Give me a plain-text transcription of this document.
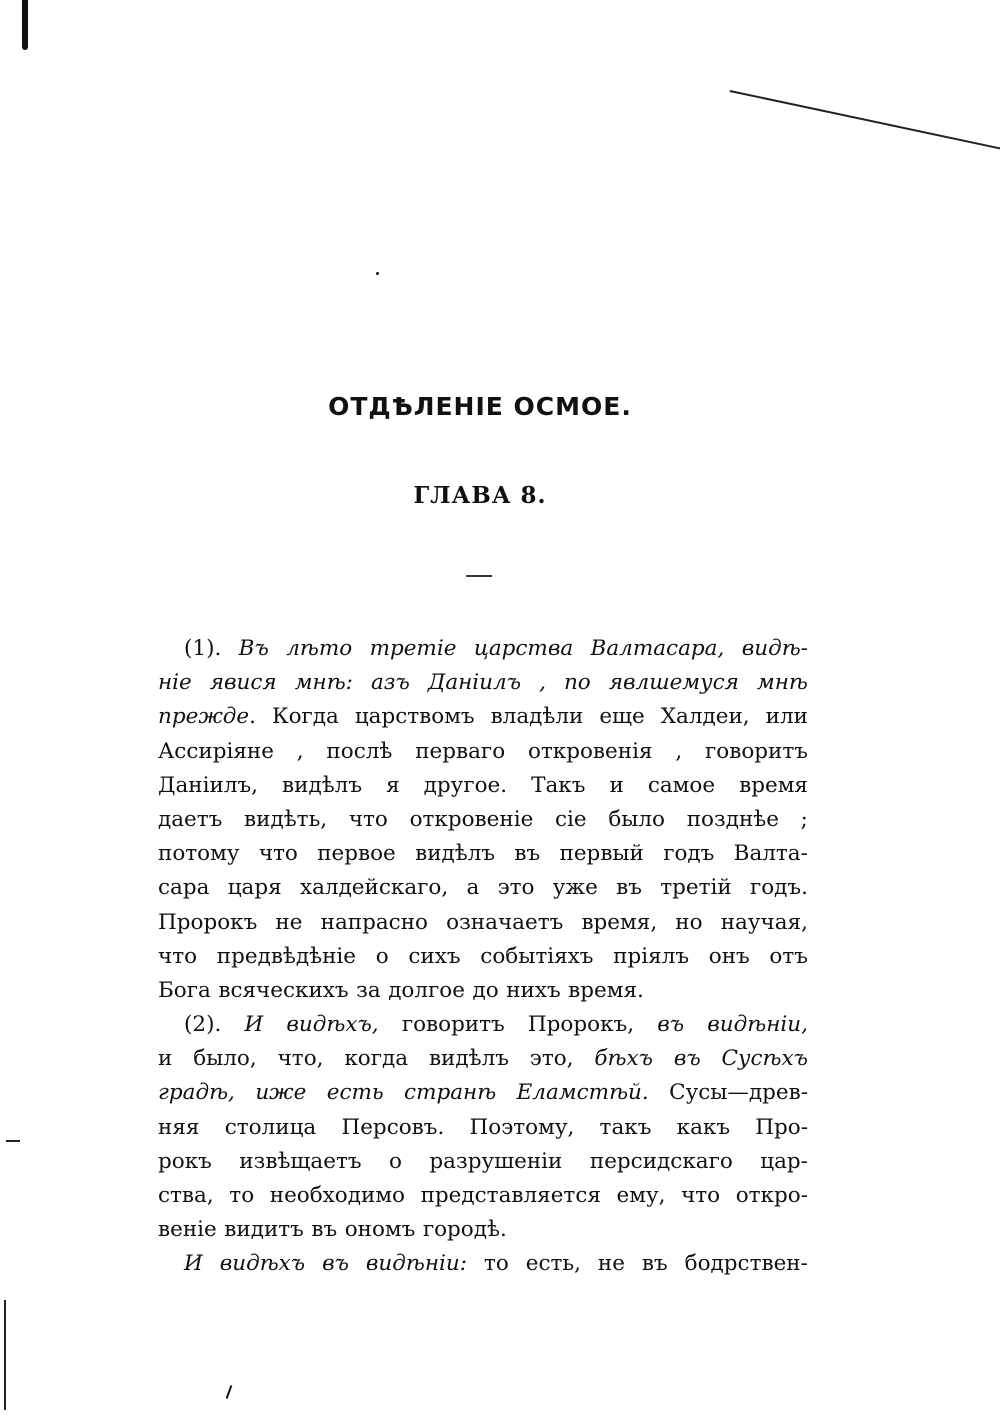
ОТДѢЛЕНІЕ ОСМОЕ.
ГЛАВА 8.
(1). Въ лѣто третіе царства Валтасара, видѣ-
ніе явися мнѣ: азъ Даніилъ , по явлшемуся мнѣ
прежде. Когда царствомъ владѣли еще Халдеи, или
Ассиріяне , послѣ перваго откровенія , говоритъ
Даніилъ, видѣлъ я другое. Такъ и самое время
даетъ видѣть, что откровеніе сіе было позднѣе ;
потому что первое видѣлъ въ первый годъ Валта-
сара царя халдейскаго, а это уже въ третій годъ.
Пророкъ не напрасно означаетъ время, но научая,
что предвѣдѣніе о сихъ событіяхъ пріялъ онъ отъ
Бога всяческихъ за долгое до нихъ время.
(2). И видѣхъ, говоритъ Пророкъ, въ видѣніи,
и было, что, когда видѣлъ это, бѣхъ въ Сусѣхъ
градѣ, иже есть странѣ Еламстѣй. Сусы—древ-
няя столица Персовъ. Поэтому, такъ какъ Про-
рокъ извѣщаетъ о разрушеніи персидскаго цар-
ства, то необходимо представляется ему, что откро-
веніе видитъ въ ономъ городѣ.
И видѣхъ въ видѣніи: то есть, не въ бодрствен-
